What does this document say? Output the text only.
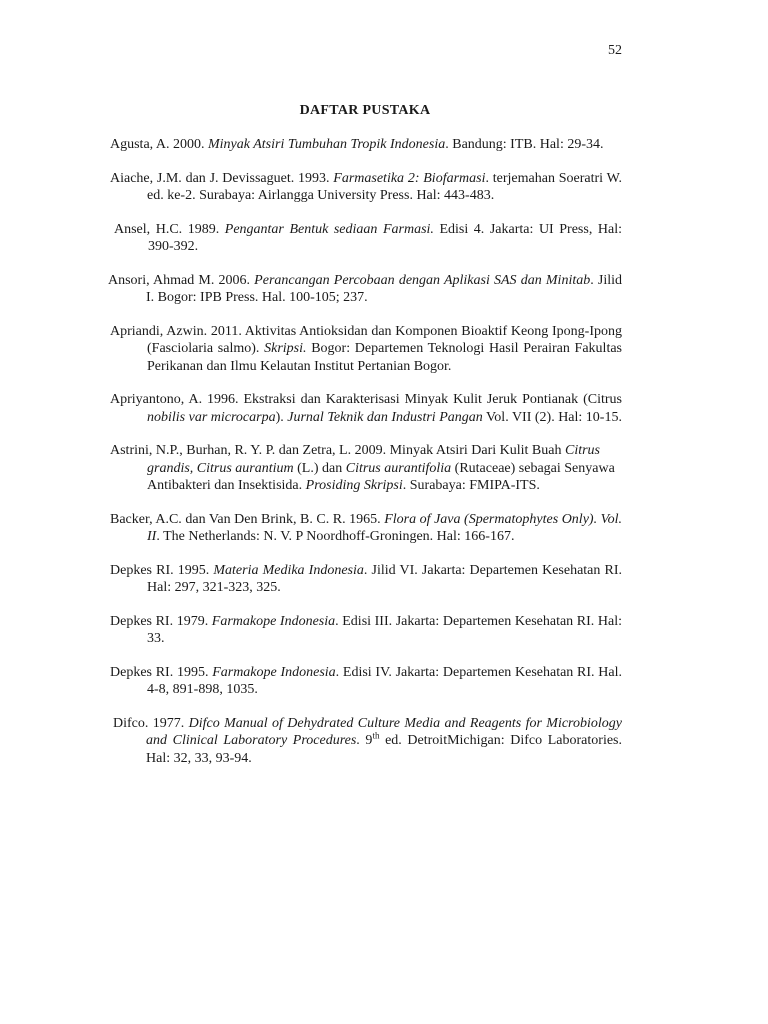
52
DAFTAR PUSTAKA
Agusta, A. 2000. Minyak Atsiri Tumbuhan Tropik Indonesia. Bandung: ITB. Hal: 29-34.
Aiache, J.M. dan J. Devissaguet. 1993. Farmasetika 2: Biofarmasi. terjemahan Soeratri W. ed. ke-2. Surabaya: Airlangga University Press. Hal: 443-483.
Ansel, H.C. 1989. Pengantar Bentuk sediaan Farmasi. Edisi 4. Jakarta: UI Press, Hal: 390-392.
Ansori, Ahmad M. 2006. Perancangan Percobaan dengan Aplikasi SAS dan Minitab. Jilid I. Bogor: IPB Press. Hal. 100-105; 237.
Apriandi, Azwin. 2011. Aktivitas Antioksidan dan Komponen Bioaktif Keong Ipong-Ipong (Fasciolaria salmo). Skripsi. Bogor: Departemen Teknologi Hasil Perairan Fakultas Perikanan dan Ilmu Kelautan Institut Pertanian Bogor.
Apriyantono, A. 1996. Ekstraksi dan Karakterisasi Minyak Kulit Jeruk Pontianak (Citrus nobilis var microcarpa). Jurnal Teknik dan Industri Pangan Vol. VII (2). Hal: 10-15.
Astrini, N.P., Burhan, R. Y. P. dan Zetra, L. 2009. Minyak Atsiri Dari Kulit Buah Citrus grandis, Citrus aurantium (L.) dan Citrus aurantifolia (Rutaceae) sebagai Senyawa Antibakteri dan Insektisida. Prosiding Skripsi. Surabaya: FMIPA-ITS.
Backer, A.C. dan Van Den Brink, B. C. R. 1965. Flora of Java (Spermatophytes Only). Vol. II. The Netherlands: N. V. P Noordhoff-Groningen. Hal: 166-167.
Depkes RI. 1995. Materia Medika Indonesia. Jilid VI. Jakarta: Departemen Kesehatan RI. Hal: 297, 321-323, 325.
Depkes RI. 1979. Farmakope Indonesia. Edisi III. Jakarta: Departemen Kesehatan RI. Hal: 33.
Depkes RI. 1995. Farmakope Indonesia. Edisi IV. Jakarta: Departemen Kesehatan RI. Hal. 4-8, 891-898, 1035.
Difco. 1977. Difco Manual of Dehydrated Culture Media and Reagents for Microbiology and Clinical Laboratory Procedures. 9th ed. DetroitMichigan: Difco Laboratories. Hal: 32, 33, 93-94.
